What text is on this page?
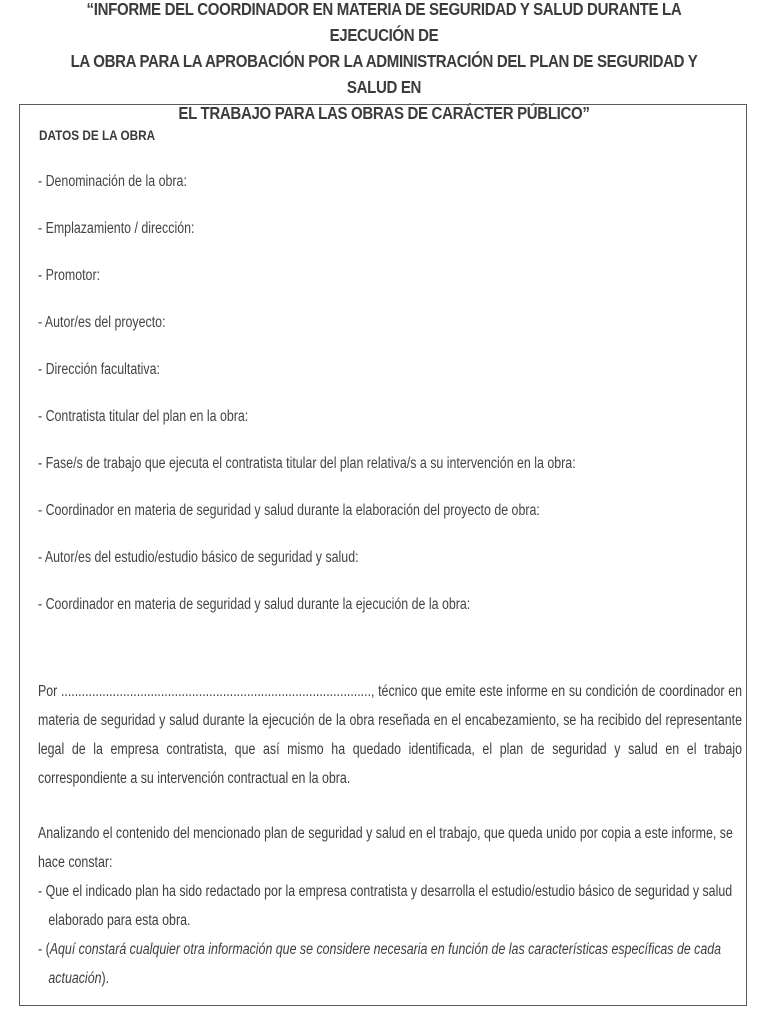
“INFORME DEL COORDINADOR EN MATERIA DE SEGURIDAD Y SALUD DURANTE LA EJECUCIÓN DE
LA OBRA PARA LA APROBACIÓN POR LA ADMINISTRACIÓN DEL PLAN DE SEGURIDAD Y SALUD EN
EL TRABAJO PARA LAS OBRAS DE CARÁCTER PÚBLICO”
DATOS DE LA OBRA
- Denominación de la obra:
- Emplazamiento / dirección:
- Promotor:
- Autor/es del proyecto:
- Dirección facultativa:
- Contratista titular del plan en la obra:
- Fase/s de trabajo que ejecuta el contratista titular del plan relativa/s a su intervención en la obra:
- Coordinador en materia de seguridad y salud durante la elaboración del proyecto de obra:
- Autor/es del estudio/estudio básico de seguridad y salud:
- Coordinador en materia de seguridad y salud durante la ejecución de la obra:
Por .........................................................................................., técnico que emite este informe en su condición de coordinador en materia de seguridad y salud durante la ejecución de la obra reseñada en el encabezamiento, se ha recibido del representante legal de la empresa contratista, que así mismo ha quedado identificada, el plan de seguridad y salud en el trabajo correspondiente a su intervención contractual en la obra.
Analizando el contenido del mencionado plan de seguridad y salud en el trabajo, que queda unido por copia a este informe, se hace constar:
- Que el indicado plan ha sido redactado por la empresa contratista y desarrolla el estudio/estudio básico de seguridad y salud elaborado para esta obra.
- (Aquí constará cualquier otra información que se considere necesaria en función de las características específicas de cada actuación).
